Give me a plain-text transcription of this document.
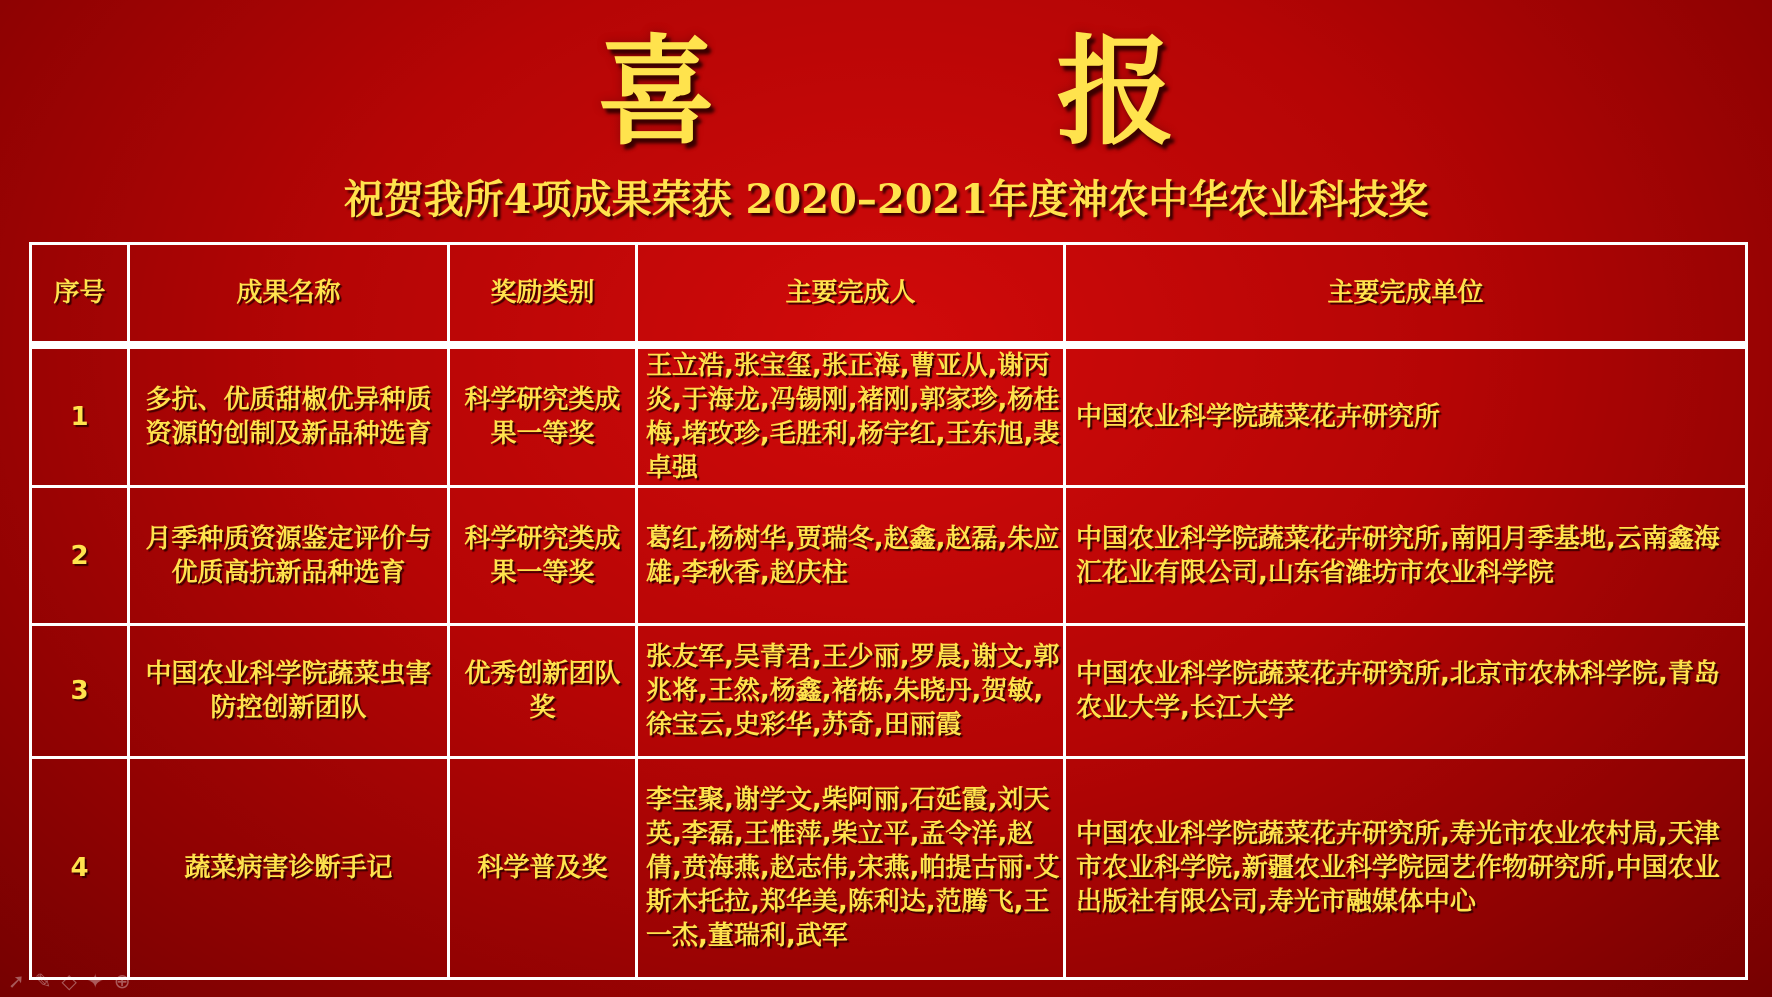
喜 报
祝贺我所4项成果荣获 2020–2021年度神农中华农业科技奖
序号	成果名称	奖励类别	主要完成人	主要完成单位
1	多抗、优质甜椒优异种质资源的创制及新品种选育	科学研究类成果一等奖	王立浩,张宝玺,张正海,曹亚从,谢丙炎,于海龙,冯锡刚,褚刚,郭家珍,杨桂梅,堵玫珍,毛胜利,杨宇红,王东旭,裴卓强	中国农业科学院蔬菜花卉研究所
2	月季种质资源鉴定评价与优质高抗新品种选育	科学研究类成果一等奖	葛红,杨树华,贾瑞冬,赵鑫,赵磊,朱应雄,李秋香,赵庆柱	中国农业科学院蔬菜花卉研究所,南阳月季基地,云南鑫海汇花业有限公司,山东省潍坊市农业科学院
3	中国农业科学院蔬菜虫害防控创新团队	优秀创新团队奖	张友军,吴青君,王少丽,罗晨,谢文,郭兆将,王然,杨鑫,褚栋,朱晓丹,贺敏,徐宝云,史彩华,苏奇,田丽霞	中国农业科学院蔬菜花卉研究所,北京市农林科学院,青岛农业大学,长江大学
4	蔬菜病害诊断手记	科学普及奖	李宝聚,谢学文,柴阿丽,石延霞,刘天英,李磊,王惟萍,柴立平,孟令洋,赵倩,贲海燕,赵志伟,宋燕,帕提古丽·艾斯木托拉,郑华美,陈利达,范腾飞,王一杰,董瑞利,武军	中国农业科学院蔬菜花卉研究所,寿光市农业农村局,天津市农业科学院,新疆农业科学院园艺作物研究所,中国农业出版社有限公司,寿光市融媒体中心
➚ ✎ ◇ ✦ ⊕
